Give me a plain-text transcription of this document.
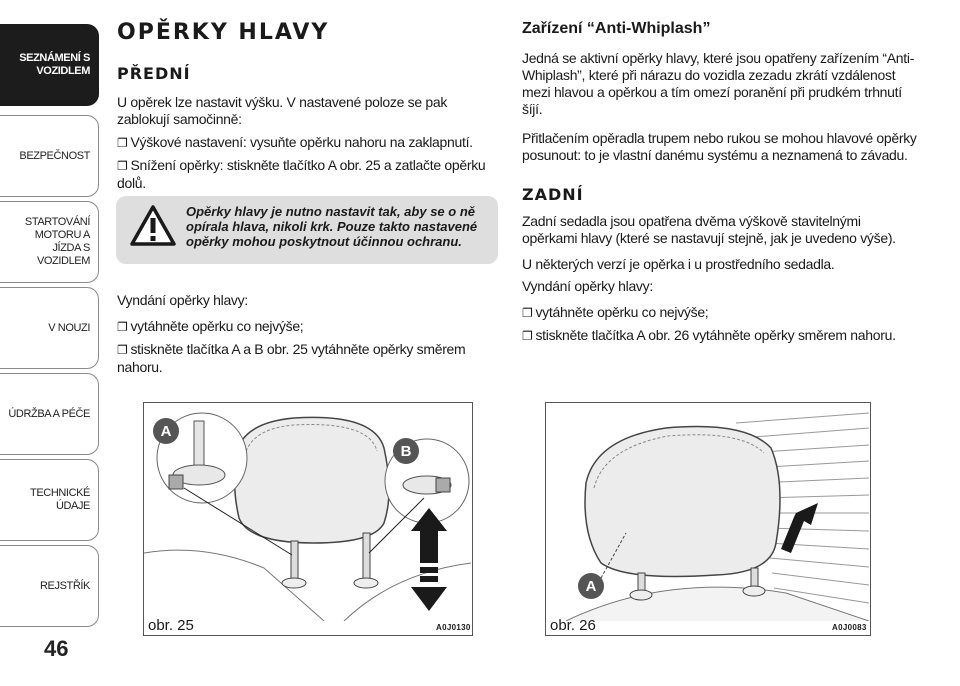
SEZNÁMENÍ S VOZIDLEM
BEZPEČNOST
STARTOVÁNÍ MOTORU A JÍZDA S VOZIDLEM
V NOUZI
ÚDRŽBA A PÉČE
TECHNICKÉ ÚDAJE
REJSTŘÍK
46
OPĚRKY HLAVY
PŘEDNÍ
U opěrek lze nastavit výšku. V nastavené poloze se pak zablokují samočinně:
❐ Výškové nastavení: vysuňte opěrku nahoru na zaklapnutí.
❐ Snížení opěrky: stiskněte tlačítko A obr. 25 a zatlačte opěrku dolů.
Opěrky hlavy je nutno nastavit tak, aby se o ně opírala hlava, nikoli krk. Pouze takto nastavené opěrky mohou poskytnout účinnou ochranu.
Vyndání opěrky hlavy:
❐ vytáhněte opěrku co nejvýše;
❐ stiskněte tlačítka A a B obr. 25 vytáhněte opěrky směrem nahoru.
Zařízení “Anti-Whiplash”
Jedná se aktivní opěrky hlavy, které jsou opatřeny zařízením “Anti-Whiplash”, které při nárazu do vozidla zezadu zkrátí vzdálenost mezi hlavou a opěrkou a tím omezí poranění při prudkém trhnutí šíjí.
Přitlačením opěradla trupem nebo rukou se mohou hlavové opěrky posunout: to je vlastní danému systému a neznamená to závadu.
ZADNÍ
Zadní sedadla jsou opatřena dvěma výškově stavitelnými opěrkami hlavy (které se nastavují stejně, jak je uvedeno výše).
U některých verzí je opěrka i u prostředního sedadla.
Vyndání opěrky hlavy:
❐ vytáhněte opěrku co nejvýše;
❐ stiskněte tlačítka A obr. 26 vytáhněte opěrky směrem nahoru.
A
B
obr. 25	A0J0130
A
obr. 26	A0J0083
